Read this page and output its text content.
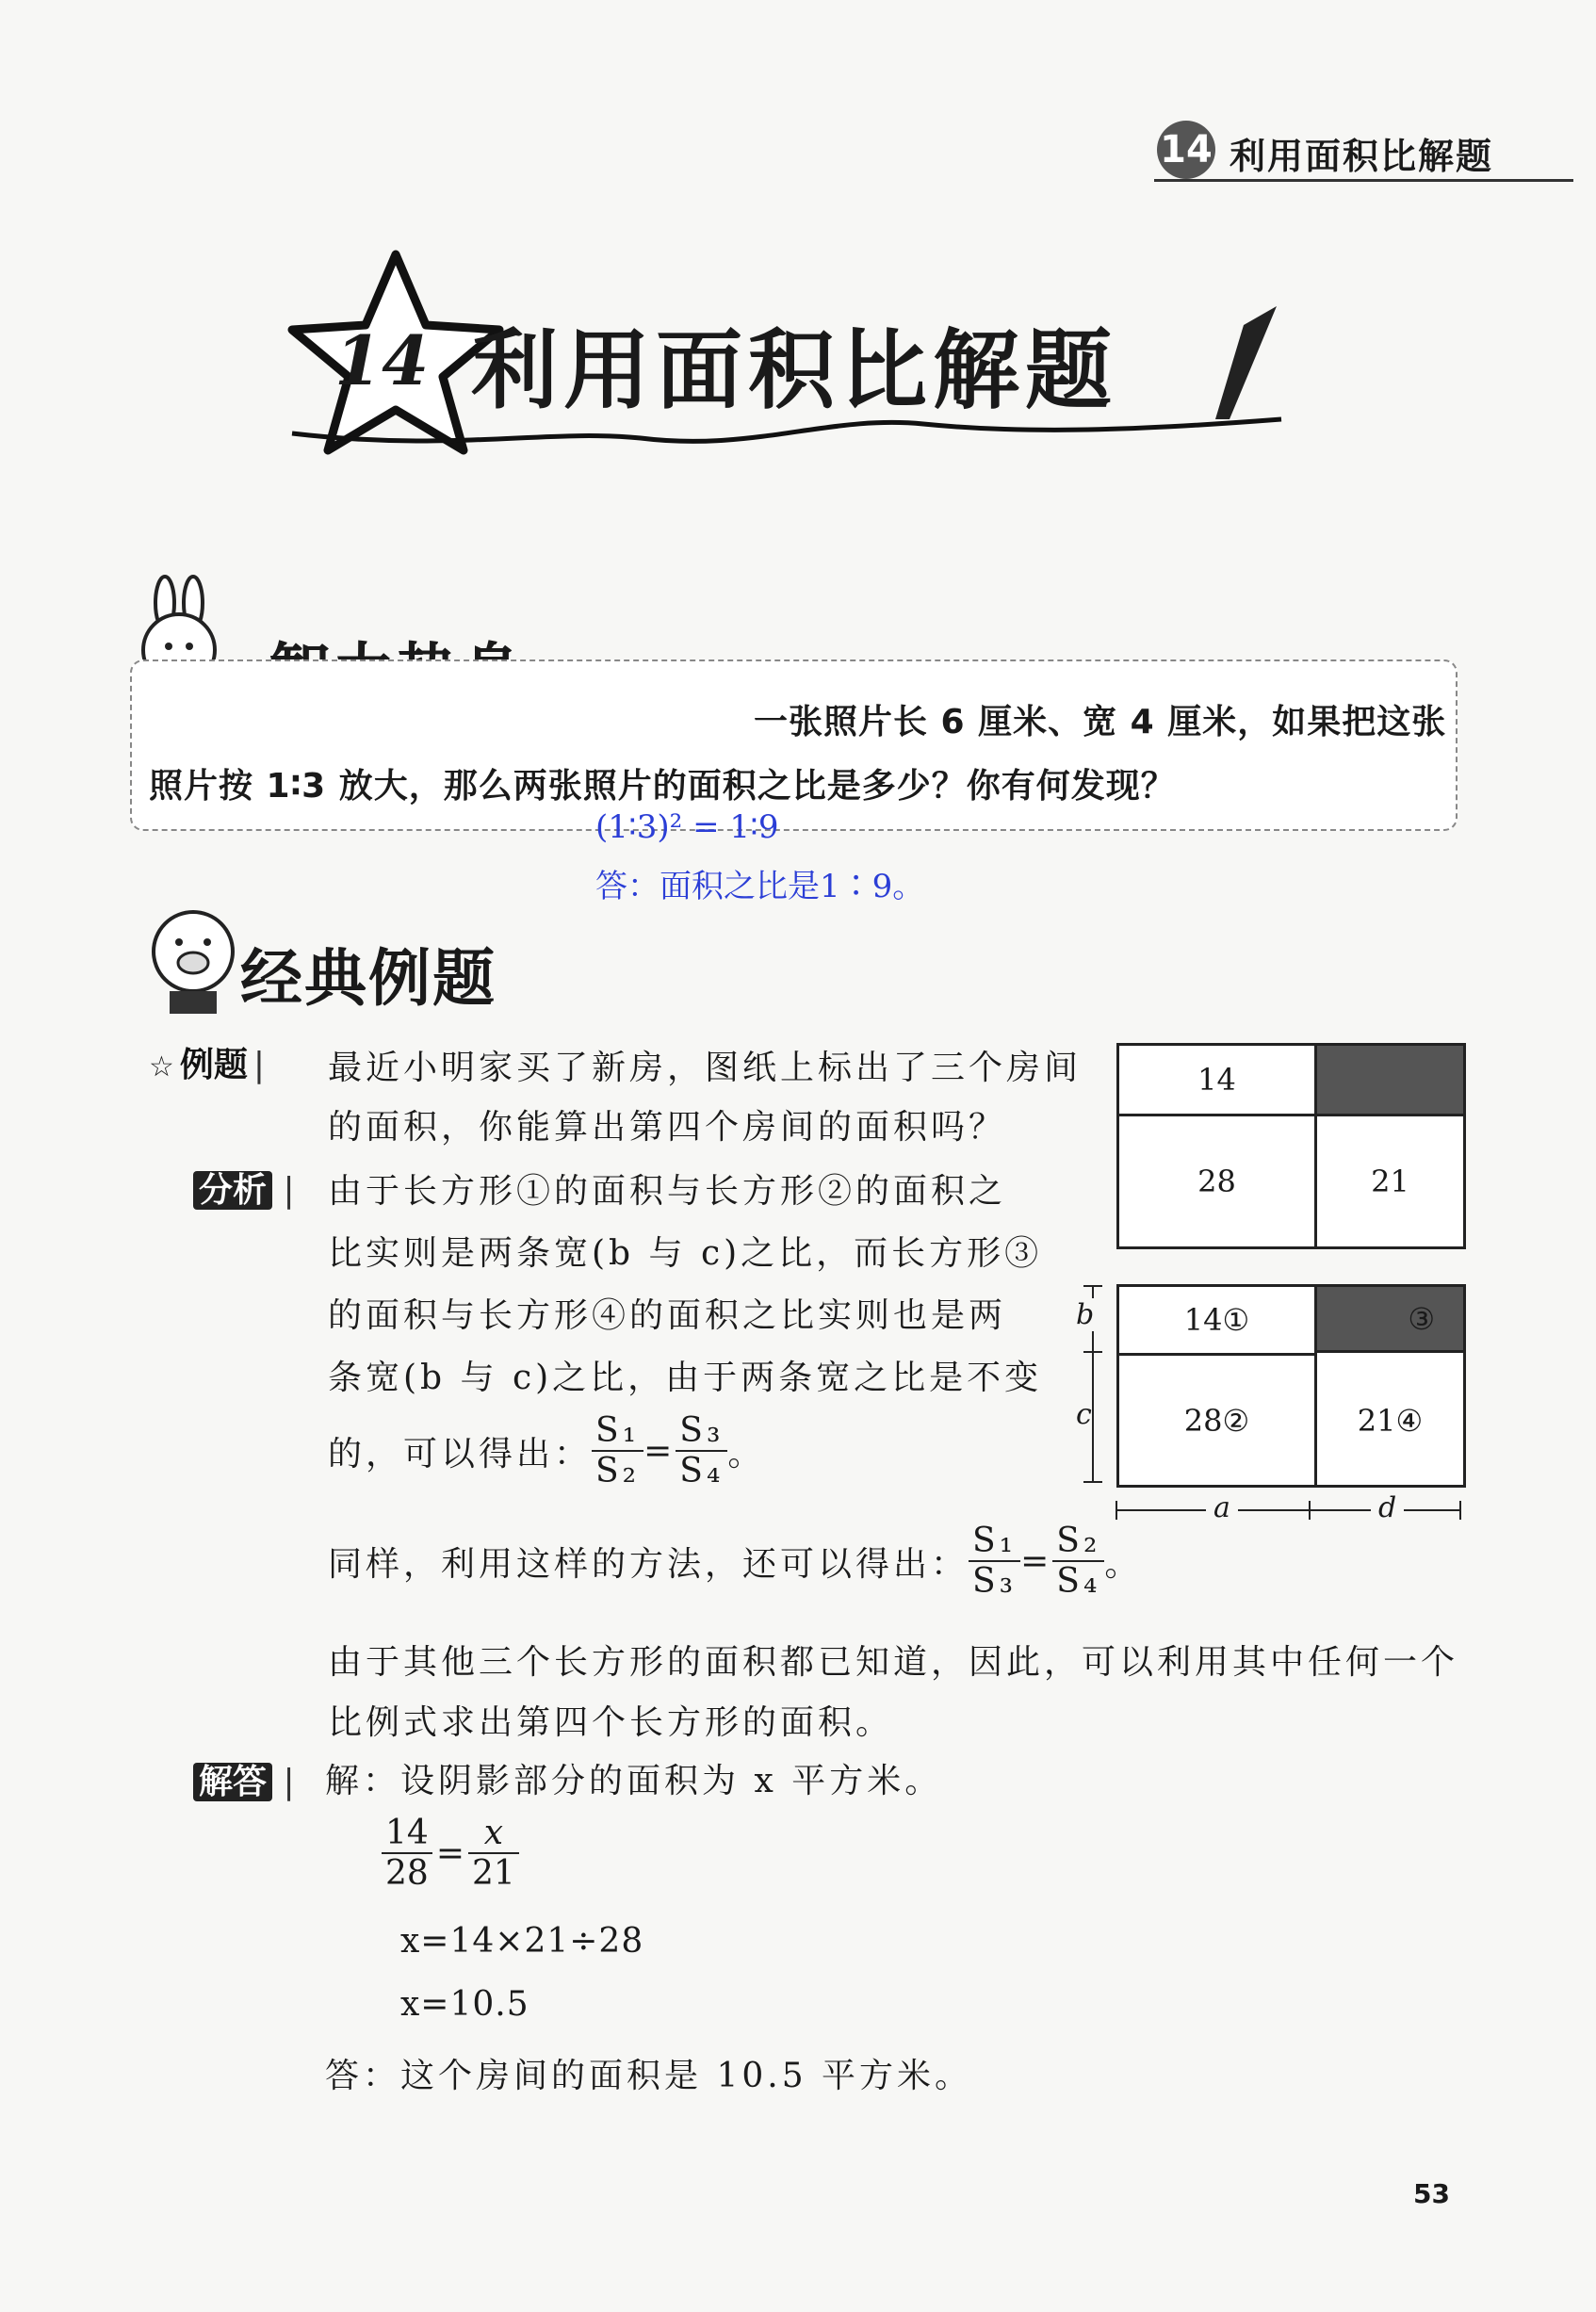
14 利用面积比解题
14 利用面积比解题
一张照片长 6 厘米、宽 4 厘米，如果把这张
照片按 1∶3 放大，那么两张照片的面积之比是多少？你有何发现？
(1∶3)² = 1∶9
答：面积之比是1∶9。
经典例题
☆ 例题 | 最近小明家买了新房，图纸上标出了三个房间
的面积，你能算出第四个房间的面积吗？
分析 | 由于长方形①的面积与长方形②的面积之
比实则是两条宽(b 与 c)之比，而长方形③
的面积与长方形④的面积之比实则也是两
条宽(b 与 c)之比，由于两条宽之比是不变
的，可以得出： $\frac{\text{S₁}}{\text{S₂}} = \frac{\text{S₃}}{\text{S₄}}$ 。
同样，利用这样的方法，还可以得出： $\frac{\text{S₁}}{\text{S₃}} = \frac{\text{S₂}}{\text{S₄}}$ 。
由于其他三个长方形的面积都已知道，因此，可以利用其中任何一个
比例式求出第四个长方形的面积。
解答 | 解：设阴影部分的面积为 x 平方米。
$\frac{14}{28} = \frac{x}{21}$
x=14×21÷28
x=10.5
答：这个房间的面积是 10.5 平方米。
14
28	21
14①	③
28②	21④
b
c
a	d
53
